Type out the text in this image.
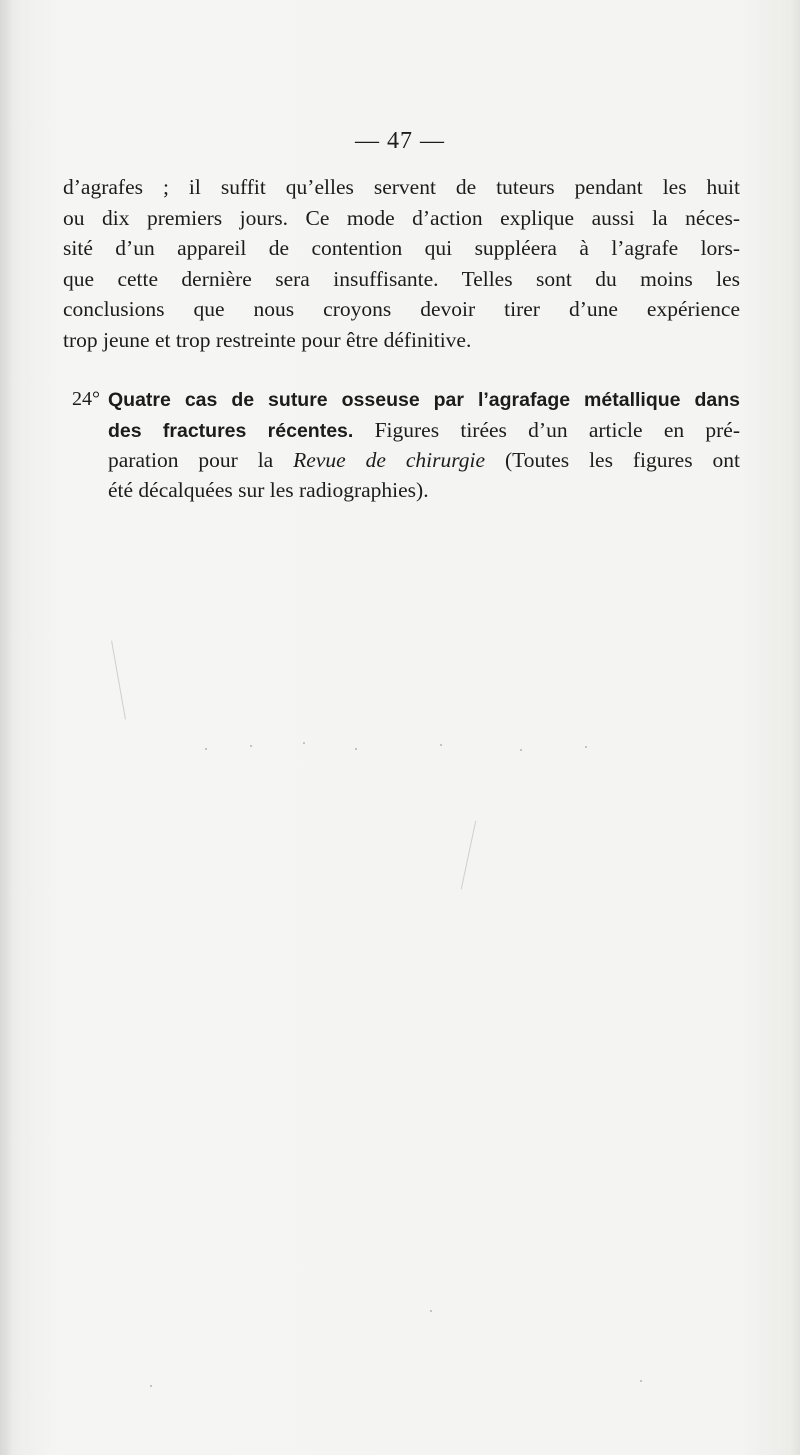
— 47 —
d’agrafes ; il suffit qu’elles servent de tuteurs pendant les huit
ou dix premiers jours. Ce mode d’action explique aussi la néces-
sité d’un appareil de contention qui suppléera à l’agrafe lors-
que cette dernière sera insuffisante. Telles sont du moins les
conclusions que nous croyons devoir tirer d’une expérience
trop jeune et trop restreinte pour être définitive.
24° Quatre cas de suture osseuse par l’agrafage métallique dans
des fractures récentes. Figures tirées d’un article en pré-
paration pour la Revue de chirurgie (Toutes les figures ont
été décalquées sur les radiographies).
